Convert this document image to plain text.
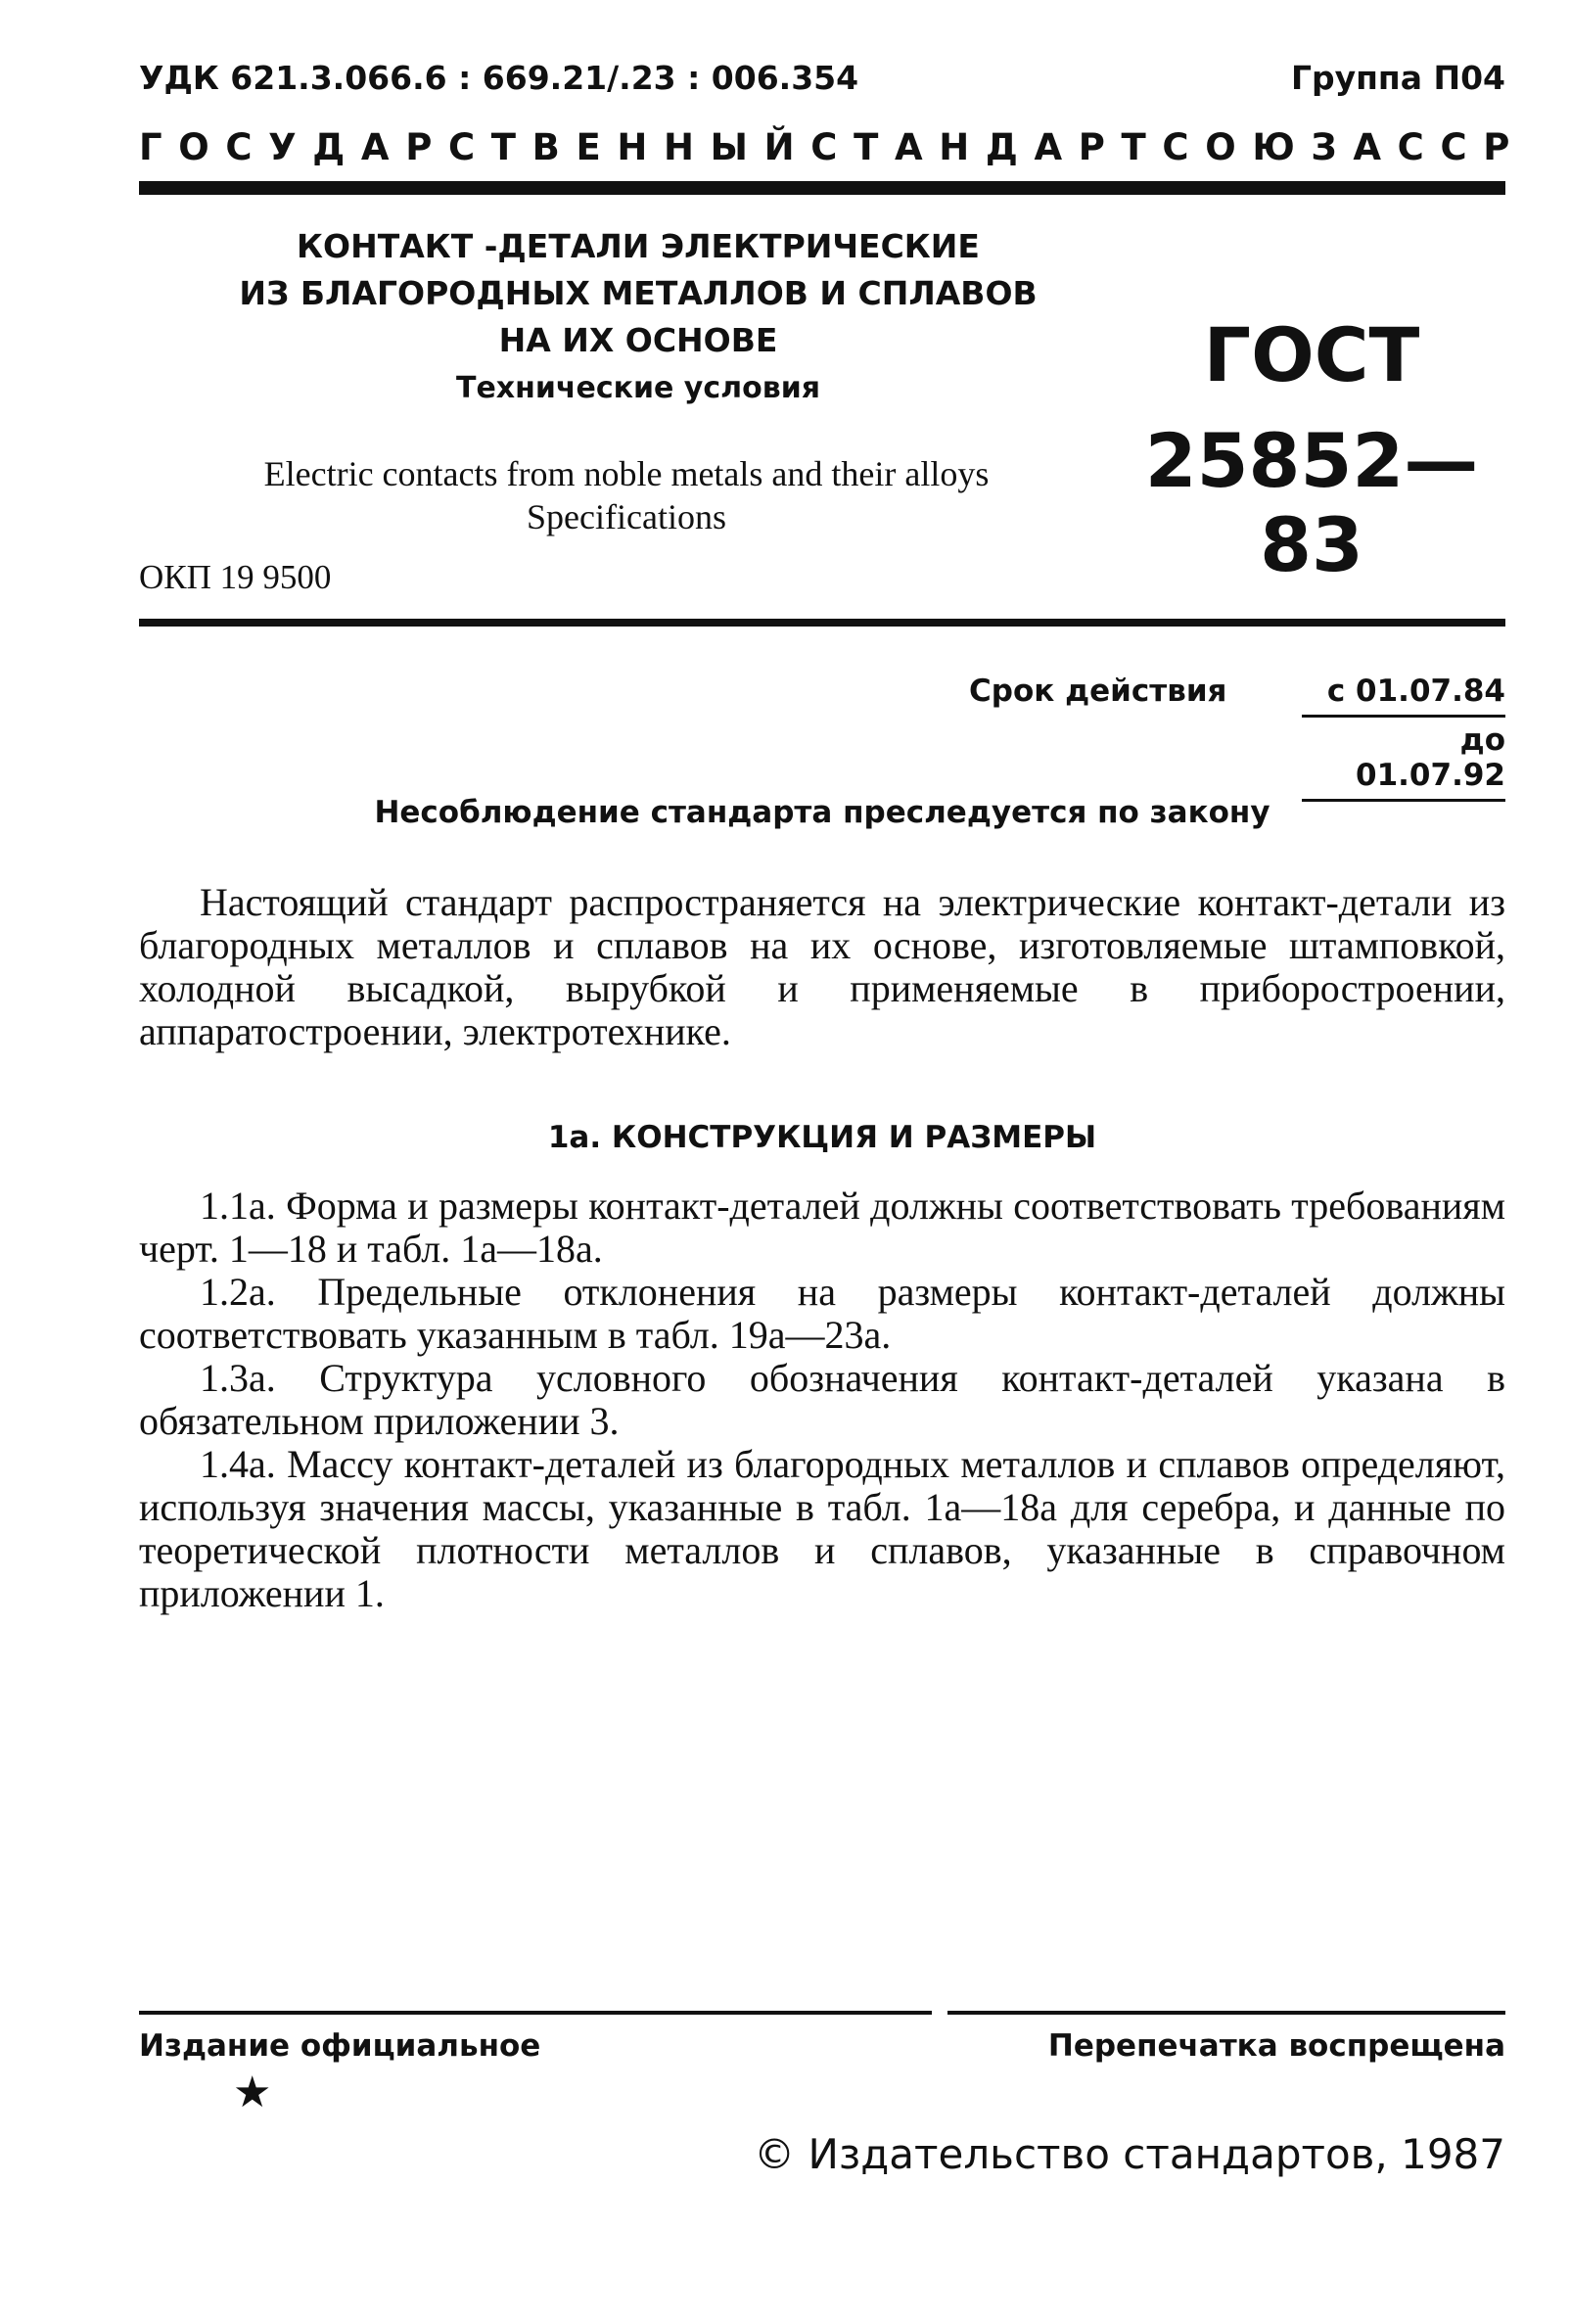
УДК 621.3.066.6 : 669.21/.23 : 006.354	Группа П04
ГОСУДАРСТВЕННЫЙ СТАНДАРТ СОЮЗА ССР
КОНТАКТ -ДЕТАЛИ ЭЛЕКТРИЧЕСКИЕ
ИЗ БЛАГОРОДНЫХ МЕТАЛЛОВ И СПЛАВОВ
НА ИХ ОСНОВЕ
Технические условия	ГОСТ
25852—83
Electric contacts from noble metals and their alloys
Specifications
ОКП 19 9500
Срок действия	с 01.07.84
до 01.07.92
Несоблюдение стандарта преследуется по закону

Настоящий стандарт распространяется на электрические контакт-детали из благородных металлов и сплавов на их основе, изготовляемые штамповкой, холодной высадкой, вырубкой и применяемые в приборостроении, аппаратостроении, электротехнике.

1а. КОНСТРУКЦИЯ И РАЗМЕРЫ

1.1а. Форма и размеры контакт-деталей должны соответствовать требованиям черт. 1—18 и табл. 1а—18а.

1.2а. Предельные отклонения на размеры контакт-деталей должны соответствовать указанным в табл. 19а—23а.

1.3а. Структура условного обозначения контакт-деталей указана в обязательном приложении 3.

1.4а. Массу контакт-деталей из благородных металлов и сплавов определяют, используя значения массы, указанные в табл. 1а—18а для серебра, и данные по теоретической плотности металлов и сплавов, указанные в справочном приложении 1.

Издание официальное	Перепечатка воспрещена
★
© Издательство стандартов, 1987
